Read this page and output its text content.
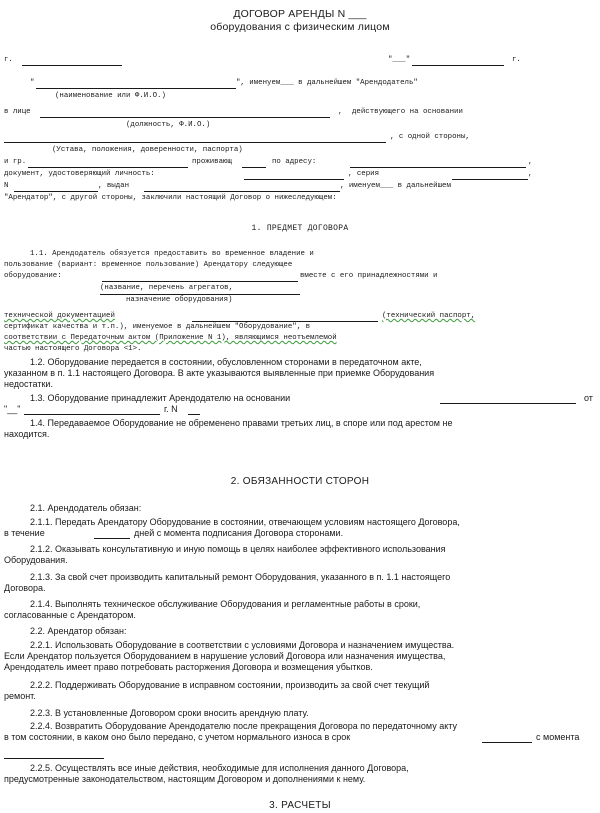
ДОГОВОР АРЕНДЫ N ___
оборудования с физическим лицом
г.	"___"	г.
"	", именуем___ в дальнейшем "Арендодатель"
(наименование или Ф.И.О.)
в лице	, действующего на основании
(должность, Ф.И.О.)
, с одной стороны,
(Устава, положения, доверенности, паспорта)
и гр.	проживающ	по адресу:	,
документ, удостоверяющий личность:	, серия	,
N	, выдан	, именуем___ в дальнейшем
"Арендатор", с другой стороны, заключили настоящий Договор о нижеследующем:
1. ПРЕДМЕТ ДОГОВОРА
1.1. Арендодатель обязуется предоставить во временное владение и
пользование (вариант: временное пользование) Арендатору следующее
оборудование:	вместе с его принадлежностями и
(название, перечень агрегатов,
назначение оборудования)
технической документацией	(технический паспорт,
сертификат качества и т.п.), именуемое в дальнейшем "Оборудование", в
соответствии с Передаточным актом (Приложение N 1), являющимся неотъемлемой
частью настоящего Договора <1>.
1.2. Оборудование передается в состоянии, обусловленном сторонами в передаточном акте,
указанном в п. 1.1 настоящего Договора. В акте указываются выявленные при приемке Оборудования
недостатки.
1.3. Оборудование принадлежит Арендодателю на основании	от
"__"	г. N
1.4. Передаваемое Оборудование не обременено правами третьих лиц, в споре или под арестом не
находится.
2. ОБЯЗАННОСТИ СТОРОН
2.1. Арендодатель обязан:
2.1.1. Передать Арендатору Оборудование в состоянии, отвечающем условиям настоящего Договора,
в течение	дней с момента подписания Договора сторонами.
2.1.2. Оказывать консультативную и иную помощь в целях наиболее эффективного использования
Оборудования.
2.1.3. За свой счет производить капитальный ремонт Оборудования, указанного в п. 1.1 настоящего
Договора.
2.1.4. Выполнять техническое обслуживание Оборудования и регламентные работы в сроки,
согласованные с Арендатором.
2.2. Арендатор обязан:
2.2.1. Использовать Оборудование в соответствии с условиями Договора и назначением имущества.
Если Арендатор пользуется Оборудованием в нарушение условий Договора или назначения имущества,
Арендодатель имеет право потребовать расторжения Договора и возмещения убытков.
2.2.2. Поддерживать Оборудование в исправном состоянии, производить за свой счет текущий
ремонт.
2.2.3. В установленные Договором сроки вносить арендную плату.
2.2.4. Возвратить Оборудование Арендодателю после прекращения Договора по передаточному акту
в том состоянии, в каком оно было передано, с учетом нормального износа в срок	с момента
2.2.5. Осуществлять все иные действия, необходимые для исполнения данного Договора,
предусмотренные законодательством, настоящим Договором и дополнениями к нему.
3. РАСЧЕТЫ
